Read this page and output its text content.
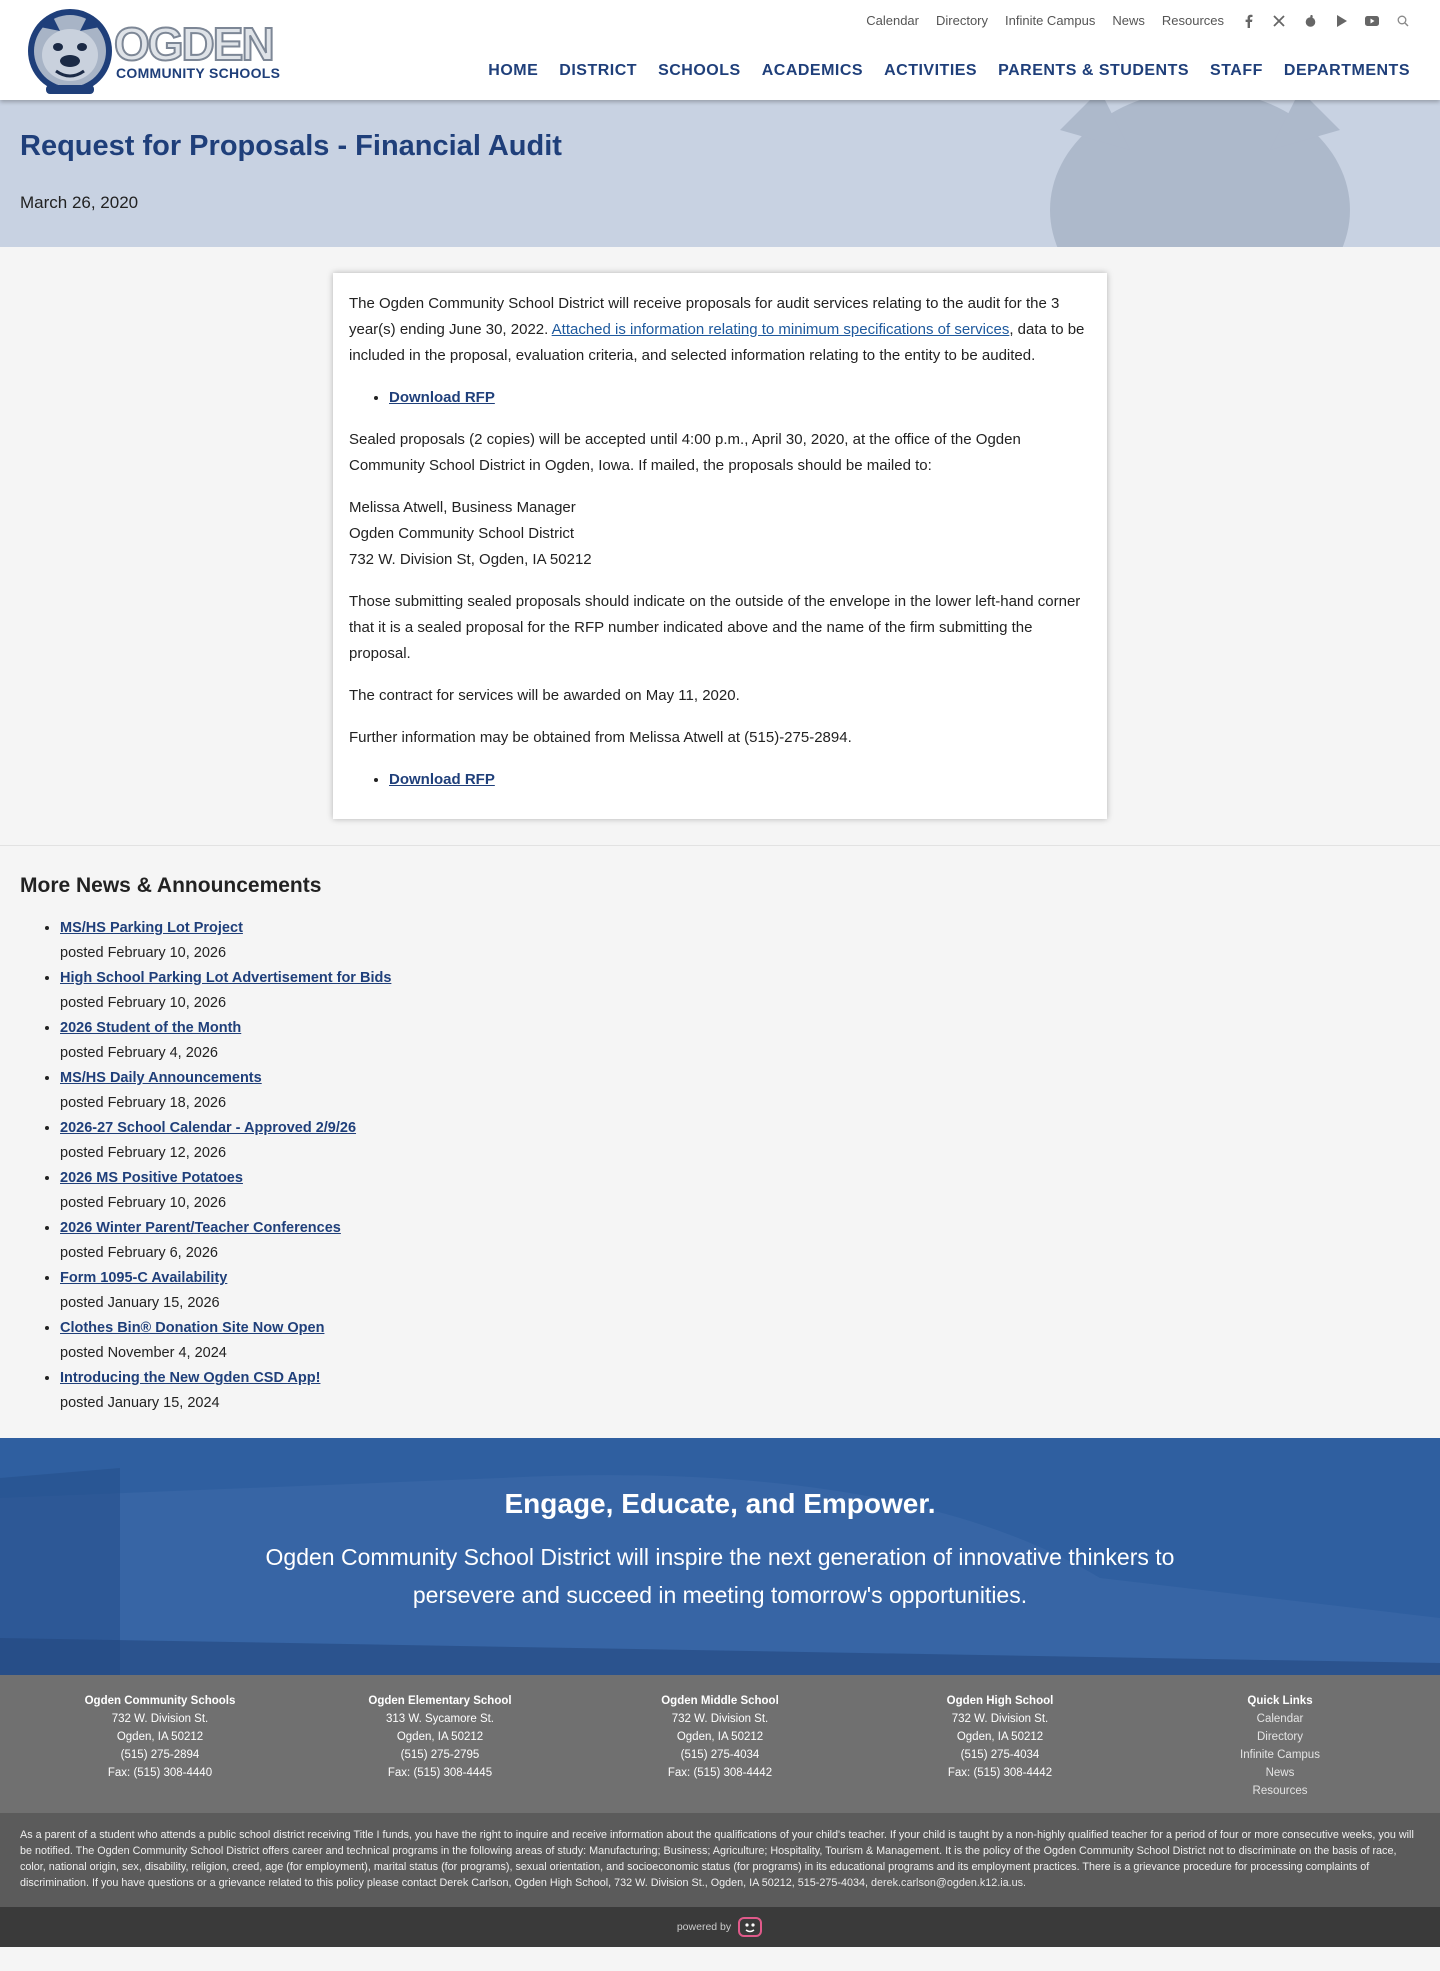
OGDEN
COMMUNITY SCHOOLS
Calendar Directory Infinite Campus News Resources
HOME DISTRICT SCHOOLS ACADEMICS ACTIVITIES PARENTS & STUDENTS STAFF DEPARTMENTS
Request for Proposals - Financial Audit
March 26, 2020

The Ogden Community School District will receive proposals for audit services relating to the audit for the 3 year(s) ending June 30, 2022. Attached is information relating to minimum specifications of services, data to be included in the proposal, evaluation criteria, and selected information relating to the entity to be audited.

• Download RFP

Sealed proposals (2 copies) will be accepted until 4:00 p.m., April 30, 2020, at the office of the Ogden Community School District in Ogden, Iowa. If mailed, the proposals should be mailed to:

Melissa Atwell, Business Manager
Ogden Community School District
732 W. Division St, Ogden, IA 50212

Those submitting sealed proposals should indicate on the outside of the envelope in the lower left-hand corner that it is a sealed proposal for the RFP number indicated above and the name of the firm submitting the proposal.

The contract for services will be awarded on May 11, 2020.

Further information may be obtained from Melissa Atwell at (515)-275-2894.

• Download RFP
More News & Announcements
• MS/HS Parking Lot Project
posted February 10, 2026
• High School Parking Lot Advertisement for Bids
posted February 10, 2026
• 2026 Student of the Month
posted February 4, 2026
• MS/HS Daily Announcements
posted February 18, 2026
• 2026-27 School Calendar - Approved 2/9/26
posted February 12, 2026
• 2026 MS Positive Potatoes
posted February 10, 2026
• 2026 Winter Parent/Teacher Conferences
posted February 6, 2026
• Form 1095-C Availability
posted January 15, 2026
• Clothes Bin® Donation Site Now Open
posted November 4, 2024
• Introducing the New Ogden CSD App!
posted January 15, 2024
Engage, Educate, and Empower.

Ogden Community School District will inspire the next generation of innovative thinkers to persevere and succeed in meeting tomorrow's opportunities.

Ogden Community Schools
732 W. Division St.
Ogden, IA 50212
(515) 275-2894
Fax: (515) 308-4440
Ogden Elementary School
313 W. Sycamore St.
Ogden, IA 50212
(515) 275-2795
Fax: (515) 308-4445
Ogden Middle School
732 W. Division St.
Ogden, IA 50212
(515) 275-4034
Fax: (515) 308-4442
Ogden High School
732 W. Division St.
Ogden, IA 50212
(515) 275-4034
Fax: (515) 308-4442
Quick Links
Calendar
Directory
Infinite Campus
News
Resources
As a parent of a student who attends a public school district receiving Title I funds, you have the right to inquire and receive information about the qualifications of your child's teacher. If your child is taught by a non-highly qualified teacher for a period of four or more consecutive weeks, you will be notified. The Ogden Community School District offers career and technical programs in the following areas of study: Manufacturing; Business; Agriculture; Hospitality, Tourism & Management. It is the policy of the Ogden Community School District not to discriminate on the basis of race, color, national origin, sex, disability, religion, creed, age (for employment), marital status (for programs), sexual orientation, and socioeconomic status (for programs) in its educational programs and its employment practices. There is a grievance procedure for processing complaints of discrimination. If you have questions or a grievance related to this policy please contact Derek Carlson, Ogden High School, 732 W. Division St., Ogden, IA 50212, 515-275-4034, derek.carlson@ogden.k12.ia.us.
powered by
